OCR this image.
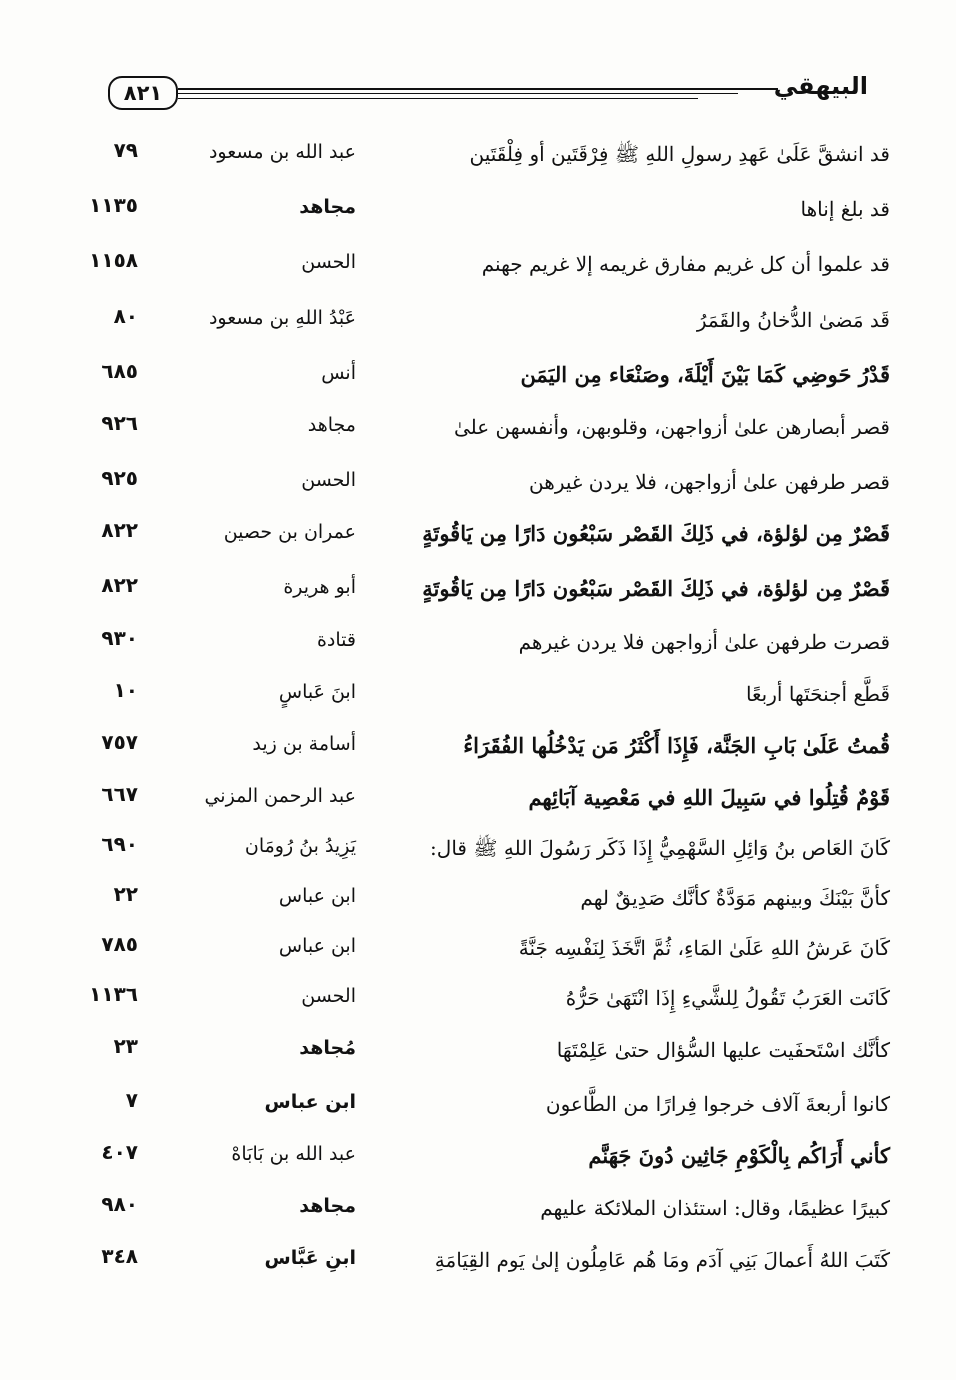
٨٢١	البيهقي
قد انشقَّ عَلَىٰ عَهدِ رسولِ اللهِ ﷺ فِرْقَتَين أو فِلْقَتَين
عبد الله بن مسعود
٧٩
قد بلغ إناها
مجاهد
١١٣٥
قد علموا أن كل غريم مفارق غريمه إلا غريم جهنم
الحسن
١١٥٨
قَد مَضىٰ الدُّخانُ والقَمَرُ
عَبْدُ اللهِ بن مسعود
٨٠
قَدْرُ حَوضِي كَمَا بَيْنَ أَيْلَةَ، وصَنْعَاء مِن اليَمَن
أنس
٦٨٥
قصر أبصارهن علىٰ أزواجهن، وقلوبهن، وأنفسهن علىٰ
مجاهد
٩٢٦
قصر طرفهن علىٰ أزواجهن، فلا يردن غيرهن
الحسن
٩٢٥
قَصْرٌ مِن لؤلؤة، في ذَلِكَ القَصْر سَبْعُون دَارًا مِن يَاقُوتَةٍ
عمران بن حصين
٨٢٢
قَصْرٌ مِن لؤلؤة، في ذَلِكَ القَصْر سَبْعُون دَارًا مِن يَاقُوتَةٍ
أبو هريرة
٨٢٢
قصرت طرفهن علىٰ أزواجهن فلا يردن غيرهم
قتادة
٩٣٠
قَطَّع أجنحَتَها أربعًا
ابنَ عَباسٍ
١٠
قُمتُ عَلَىٰ بَابِ الجَنَّة، فَإِذَا أَكْثَرُ مَن يَدْخُلُها الفُقَرَاءُ
أسامة بن زيد
٧٥٧
قَوْمٌ قُتِلُوا في سَبِيلَ اللهِ في مَعْصِية آبَائِهم
عبد الرحمن المزني
٦٦٧
كَانَ العَاص بنُ وَائِلِ السَّهْمِيُّ إِذَا ذَكَر رَسُولَ اللهِ ﷺ قال:
يَزِيدُ بنُ رُومَان
٦٩٠
كأنَّ بَيْنَكَ وبينهم مَوَدَّةٌ كأنَّك صَدِيقٌ لهم
ابن عباس
٢٢
كَانَ عَرشُ اللهِ عَلَىٰ المَاءِ، ثُمَّ اتَّخَذَ لِنَفْسِه جَنَّةً
ابن عباس
٧٨٥
كَانَت العَرَبُ تَقُولُ لِلشَّيءِ إِذَا انْتَهَىٰ حَرُّهُ
الحسن
١١٣٦
كأنَّك اسْتَحفَيت عليها السُّؤال حتىٰ عَلِمْتَهَا
مُجاهد
٢٣
كانوا أربعةَ آلاف خرجوا فِرارًا من الطَّاعون
ابن عباس
٧
كأني أَرَاكُم بِالْكَوْمِ جَاثِين دُونَ جَهَنَّم
عبد الله بن بَابَاهْ
٤٠٧
كبيرًا عظيمًا، وقال: استئذان الملائكة عليهم
مجاهد
٩٨٠
كَتَبَ اللهُ أَعمالَ بَنِي آدَم ومَا هُم عَامِلُون إلىٰ يَوم القِيَامَةِ
ابنِ عَبَّاس
٣٤٨
